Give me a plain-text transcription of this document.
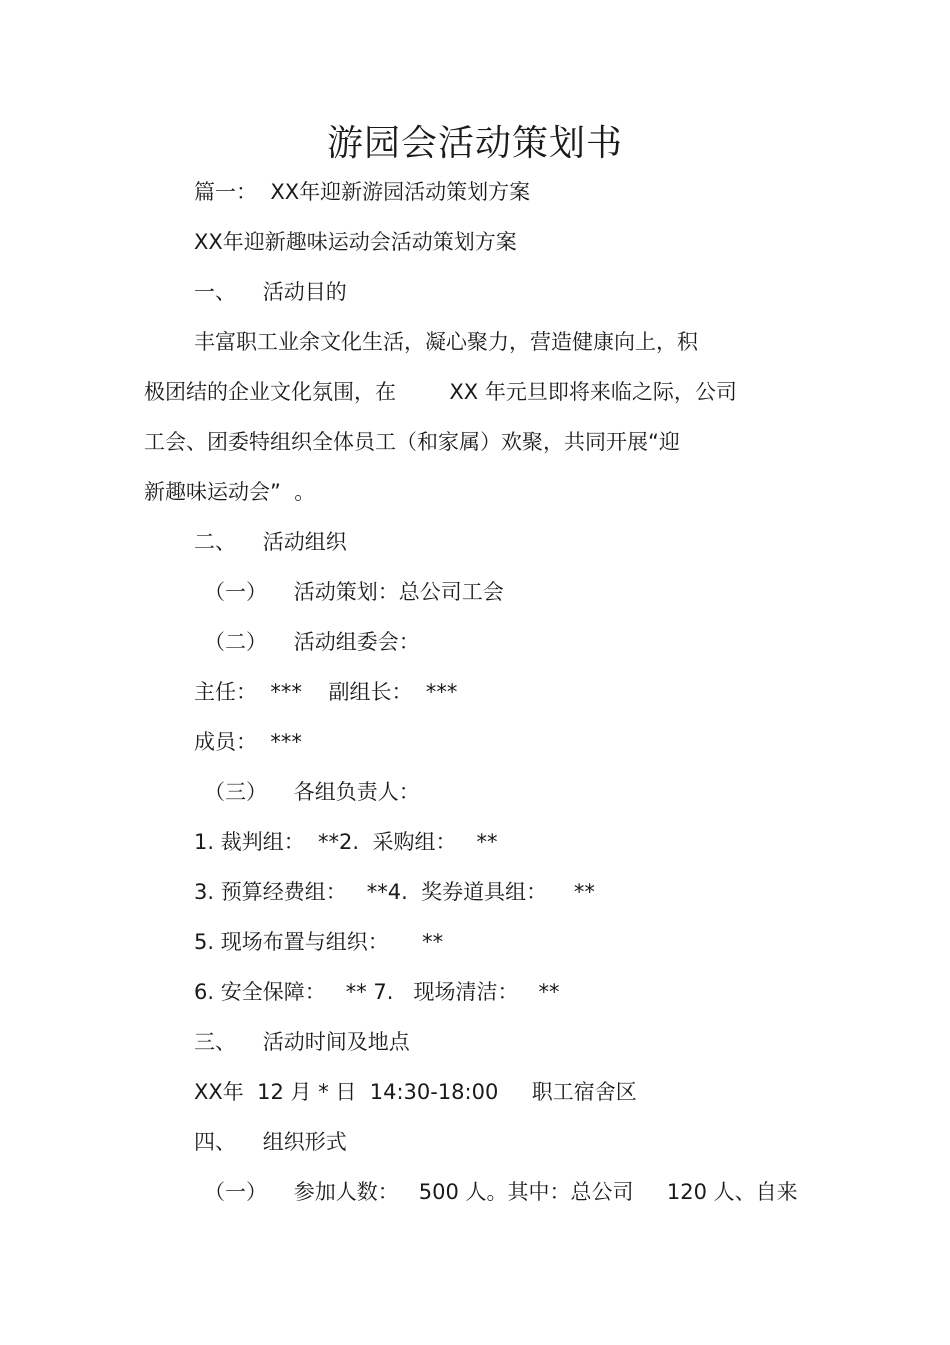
游园会活动策划书
篇一：  XX年迎新游园活动策划方案
XX年迎新趣味运动会活动策划方案
一、    活动目的
丰富职工业余文化生活，凝心聚力，营造健康向上，积
极团结的企业文化氛围，在        XX 年元旦即将来临之际，公司
工会、团委特组织全体员工（和家属）欢聚，共同开展“迎
新趣味运动会”  。
二、    活动组织
（一）    活动策划：总公司工会
（二）    活动组委会：
主任：  ***    副组长：  ***
成员：  ***
（三）    各组负责人：
1. 裁判组：  **2.  采购组：   **
3. 预算经费组：   **4.  奖券道具组：    **
5. 现场布置与组织：     **
6. 安全保障：   ** 7.   现场清洁：   **
三、    活动时间及地点
XX年  12 月 * 日  14:30-18:00     职工宿舍区
四、    组织形式
（一）    参加人数：   500 人。其中：总公司     120 人、自来
